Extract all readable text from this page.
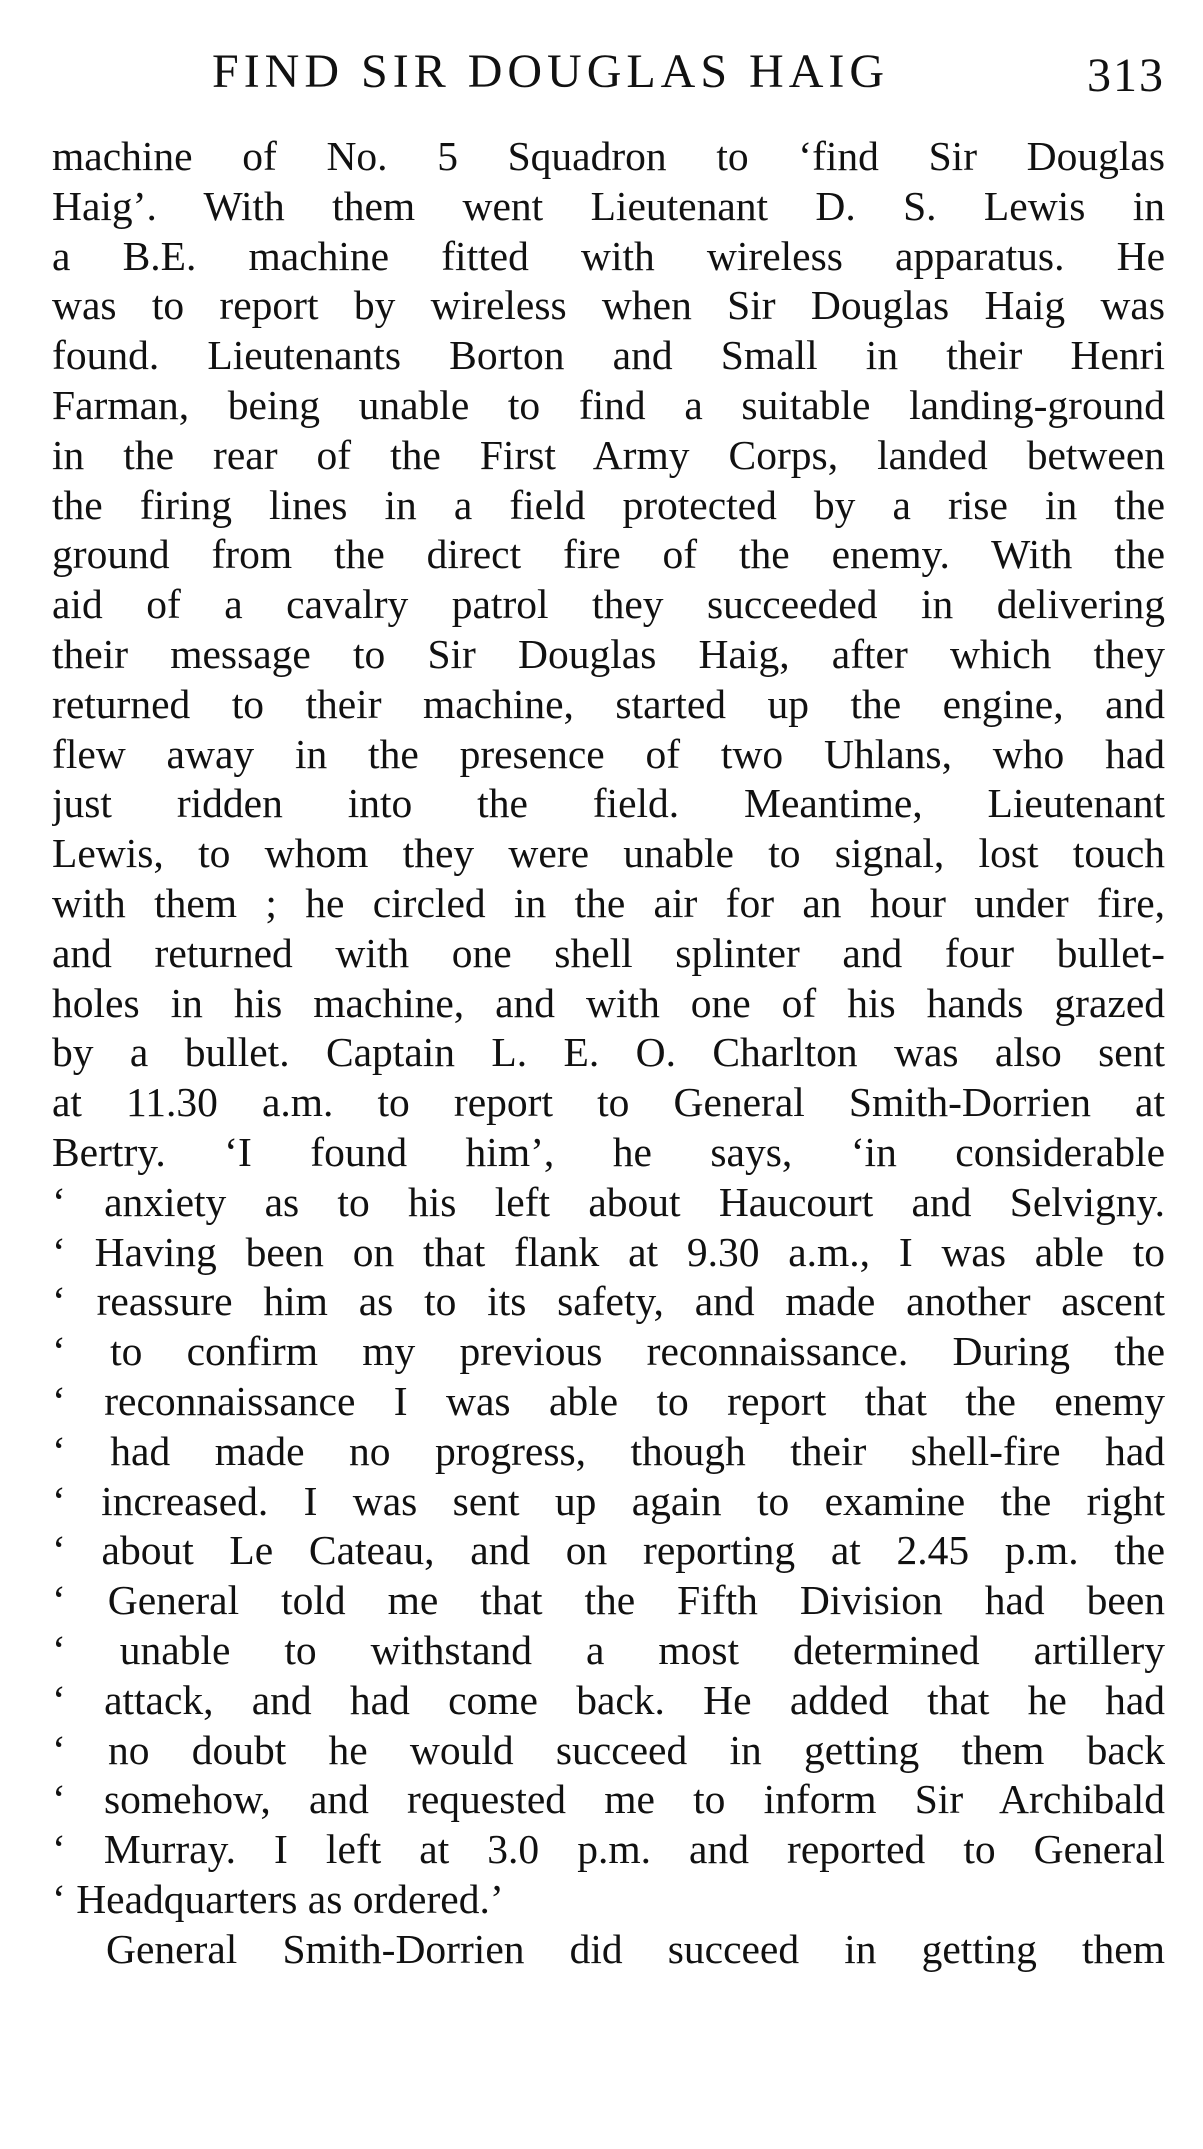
FIND SIR DOUGLAS HAIG	313
machine of No. 5 Squadron to ‘find Sir Douglas
Haig’. With them went Lieutenant D. S. Lewis in
a B.E. machine fitted with wireless apparatus. He
was to report by wireless when Sir Douglas Haig was
found. Lieutenants Borton and Small in their Henri
Farman, being unable to find a suitable landing-ground
in the rear of the First Army Corps, landed between
the firing lines in a field protected by a rise in the
ground from the direct fire of the enemy. With the
aid of a cavalry patrol they succeeded in delivering
their message to Sir Douglas Haig, after which they
returned to their machine, started up the engine, and
flew away in the presence of two Uhlans, who had
just ridden into the field. Meantime, Lieutenant
Lewis, to whom they were unable to signal, lost touch
with them ; he circled in the air for an hour under fire,
and returned with one shell splinter and four bullet-
holes in his machine, and with one of his hands grazed
by a bullet. Captain L. E. O. Charlton was also sent
at 11.30 a.m. to report to General Smith-Dorrien at
Bertry. ‘I found him’, he says, ‘in considerable
‘ anxiety as to his left about Haucourt and Selvigny.
‘ Having been on that flank at 9.30 a.m., I was able to
‘ reassure him as to its safety, and made another ascent
‘ to confirm my previous reconnaissance. During the
‘ reconnaissance I was able to report that the enemy
‘ had made no progress, though their shell-fire had
‘ increased. I was sent up again to examine the right
‘ about Le Cateau, and on reporting at 2.45 p.m. the
‘ General told me that the Fifth Division had been
‘ unable to withstand a most determined artillery
‘ attack, and had come back. He added that he had
‘ no doubt he would succeed in getting them back
‘ somehow, and requested me to inform Sir Archibald
‘ Murray. I left at 3.0 p.m. and reported to General
‘ Headquarters as ordered.’
General Smith-Dorrien did succeed in getting them
